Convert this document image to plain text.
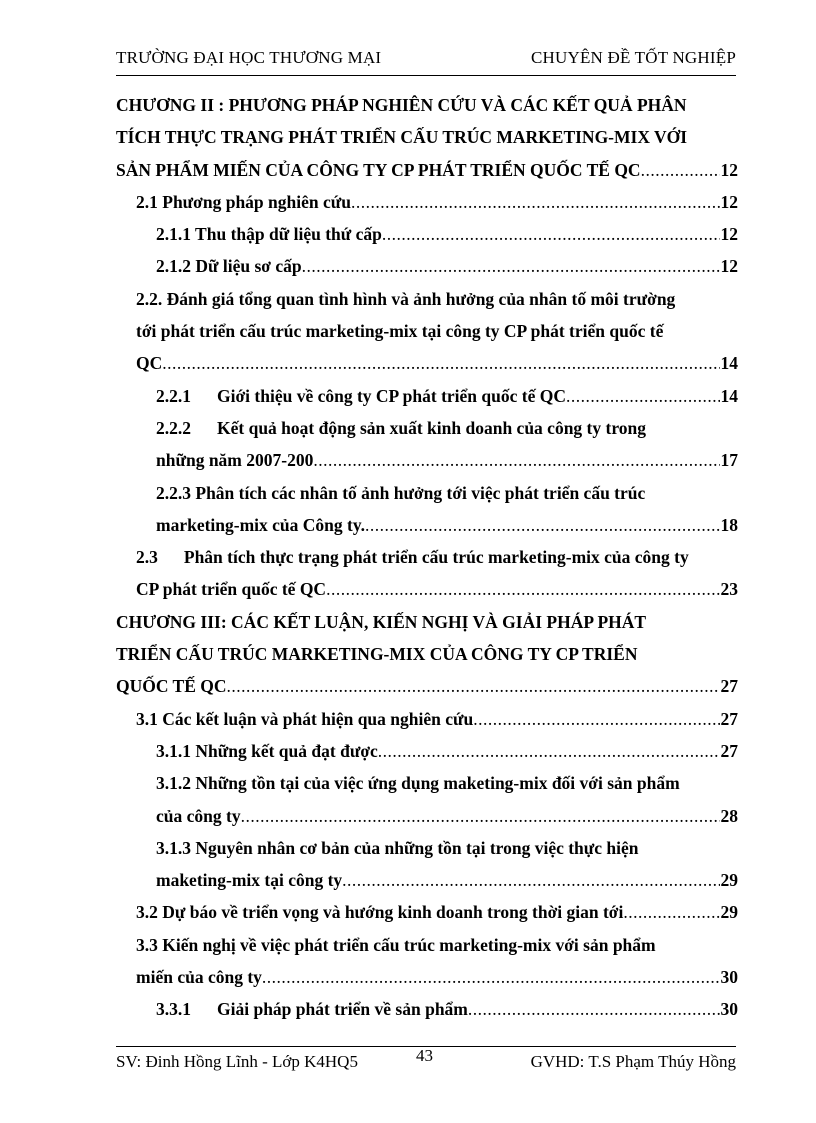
TRƯỜNG ĐẠI HỌC THƯƠNG MẠI	CHUYÊN ĐỀ TỐT NGHIỆP
CHƯƠNG II : PHƯƠNG PHÁP NGHIÊN CỨU VÀ CÁC KẾT QUẢ PHÂN
TÍCH THỰC TRẠNG PHÁT TRIỂN CẤU TRÚC MARKETING-MIX VỚI
SẢN PHẨM MIẾN CỦA CÔNG TY CP PHÁT TRIỂN QUỐC TẾ QC .....	12
2.1 Phương pháp nghiên cứu .....	12
2.1.1 Thu thập dữ liệu thứ cấp .....	12
2.1.2 Dữ liệu sơ cấp .....	12
2.2. Đánh giá tổng quan tình hình và ảnh hưởng của nhân tố môi trường
tới phát triển cấu trúc marketing-mix tại công ty CP phát triển quốc tế
QC .....	14
2.2.1 Giới thiệu về công ty CP phát triển quốc tế QC .....	14
2.2.2 Kết quả hoạt động sản xuất kinh doanh của công ty trong
những năm 2007-200 .....	17
2.2.3 Phân tích các nhân tố ảnh hưởng tới việc phát triển cấu trúc
marketing-mix của Công ty. .....	18
2.3 Phân tích thực trạng phát triển cấu trúc marketing-mix của công ty
CP phát triển quốc tế QC .....	23
CHƯƠNG III: CÁC KẾT LUẬN, KIẾN NGHỊ VÀ GIẢI PHÁP PHÁT
TRIỂN CẤU TRÚC MARKETING-MIX CỦA CÔNG TY CP TRIỂN
QUỐC TẾ QC .....	27
3.1 Các kết luận và phát hiện qua nghiên cứu .....	27
3.1.1 Những kết quả đạt được .....	27
3.1.2 Những tồn tại của việc ứng dụng maketing-mix đối với sản phẩm
của công ty .....	28
3.1.3 Nguyên nhân cơ bản của những tồn tại trong việc thực hiện
maketing-mix tại công ty .....	29
3.2 Dự báo về triển vọng và hướng kinh doanh trong thời gian tới .....	29
3.3 Kiến nghị về việc phát triển cấu trúc marketing-mix với sản phẩm
miến của công ty .....	30
3.3.1 Giải pháp phát triển về sản phẩm .....	30
SV: Đinh Hồng Lĩnh - Lớp K4HQ5	43	GVHD: T.S Phạm Thúy Hồng
